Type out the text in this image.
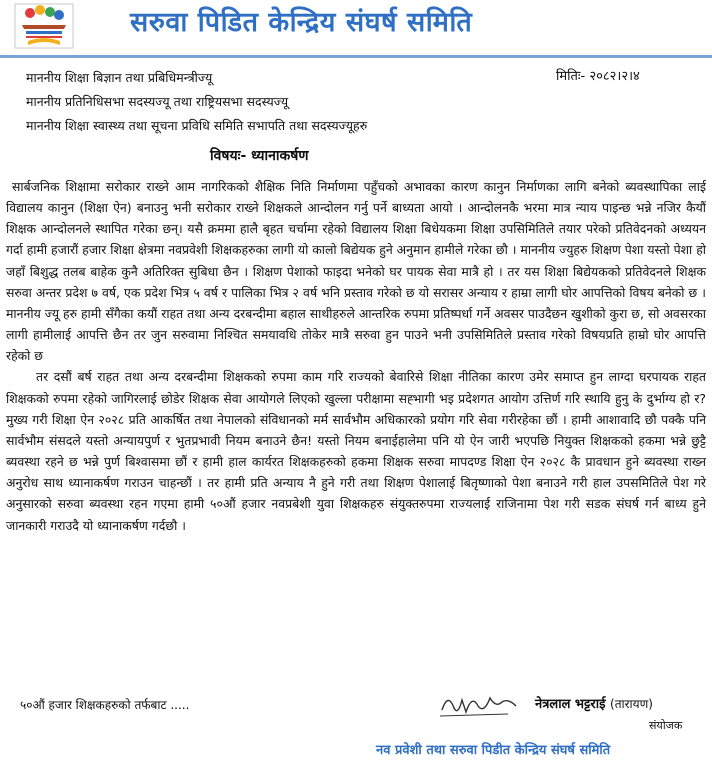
सरुवा पिडित केन्द्रिय संघर्ष समिति
माननीय शिक्षा बिज्ञान तथा प्रबिधिमन्त्रीज्यू
माननीय प्रतिनिधिसभा सदस्यज्यू तथा राष्ट्रियसभा सदस्यज्यू
माननीय शिक्षा स्वास्थ्य तथा सूचना प्रविधि समिति सभापति तथा सदस्यज्यूहरु
मितिः- २०८२।२।४
विषयः- ध्यानाकर्षण

सार्बजनिक शिक्षामा सरोकार राख्ने आम नागरिकको शैक्षिक निति निर्माणमा पहुँचको अभावका कारण कानुन निर्माणका लागि बनेको ब्यवस्थापिका लाई विद्यालय कानुन (शिक्षा ऐन) बनाउनु भनी सरोकार राख्ने शिक्षकले आन्दोलन गर्नु पर्ने बाध्यता आयो । आन्दोलनकै भरमा मात्र न्याय पाइन्छ भन्ने नजिर कैयौं शिक्षक आन्दोलनले स्थापित गरेका छन्। यसै क्रममा हालै बृहत चर्चामा रहेको विद्यालय शिक्षा बिधेयकमा शिक्षा उपसिमितिले तयार परेको प्रतिवेदनको अध्ययन गर्दा हामी हजारौं हजार शिक्षा क्षेत्रमा नवप्रवेशी शिक्षकहरुका लागी यो कालो बिद्येयक हुने अनुमान हामीले गरेका छौ । माननीय ज्युहरु शिक्षण पेशा यस्तो पेशा हो जहाँ बिशुद्ध तलब बाहेक कुनै अतिरिक्त सुबिधा छैन । शिक्षण पेशाको फाइदा भनेको घर पायक सेवा मात्रै हो । तर यस शिक्षा बिद्येयकको प्रतिवेदनले शिक्षक सरुवा अन्तर प्रदेश ७ वर्ष, एक प्रदेश भित्र ५ वर्ष र पालिका भित्र २ वर्ष भनि प्रस्ताव गरेको छ यो सरासर अन्याय र हाम्रा लागी घोर आपत्तिको विषय बनेको छ । माननीय ज्यू हरु हामी सँगैका कयौं राहत तथा अन्य दरबन्दीमा बहाल साथीहरुले आन्तरिक रुपमा प्रतिष्पर्धा गर्ने अवसर पाउदैछन खुशीको कुरा छ, सो अवसरका लागी हामीलाई आपत्ति छैन तर जुन सरुवामा निश्चित समयावधि तोकेर मात्रै सरुवा हुन पाउने भनी उपसिमितिले प्रस्ताव गरेको विषयप्रति हाम्रो घोर आपत्ति रहेको छ

तर दसौं बर्ष राहत तथा अन्य दरबन्दीमा शिक्षकको रुपमा काम गरि राज्यको बेवारिसे शिक्षा नीतिका कारण उमेर समाप्त हुन लाग्दा घरपायक राहत शिक्षकको रुपमा रहेको जागिरलाई छोडेर शिक्षक सेवा आयोगले लिएको खुल्ला परीक्षामा सह्भागी भइ प्रदेशगत आयोग उत्तिर्ण गरि स्थायि हुनु के दुर्भाग्य हो र? मुख्य गरी शिक्षा ऐन २०२८ प्रति आकर्षित तथा नेपालको संविधानको मर्म सार्वभौम अधिकारको प्रयोग गरि सेवा गरीरहेका छौं । हामी आशावादि छौ पक्कै पनि सार्वभौम संसदले यस्तो अन्यायपुर्ण र भुतप्रभावी नियम बनाउने छैन! यस्तो नियम बनाईहालेमा पनि यो ऐन जारी भएपछि नियुक्त शिक्षकको हकमा भन्ने छुट्टै ब्यवस्था रहने छ भन्ने पुर्ण बिश्वासमा छौं र हामी हाल कार्यरत शिक्षकहरुको हकमा शिक्षक सरुवा मापदण्ड शिक्षा ऐन २०२८ कै प्रावधान हुने ब्यवस्था राख्न अनुरोध साथ ध्यानाकर्षण गराउन चाहन्छौं । तर हामी प्रति अन्याय नै हुने गरी तथा शिक्षण पेशालाई बितृष्णाको पेशा बनाउने गरी हाल उपसमितिले पेश गरे अनुसारको सरुवा ब्यवस्था रहन गएमा हामी ५०औं हजार नवप्रबेशी युवा शिक्षकहरु संयुक्तरुपमा राज्यलाई राजिनामा पेश गरी सडक संघर्ष गर्न बाध्य हुने जानकारी गराउदै यो ध्यानाकर्षण गर्दछौ ।

५०औं हजार शिक्षकहरुको तर्फबाट .....	नेत्रलाल भट्टराई (तारायण)
संयोजक
नव प्रवेशी तथा सरुवा पिडीत केन्द्रिय संघर्ष समिति
